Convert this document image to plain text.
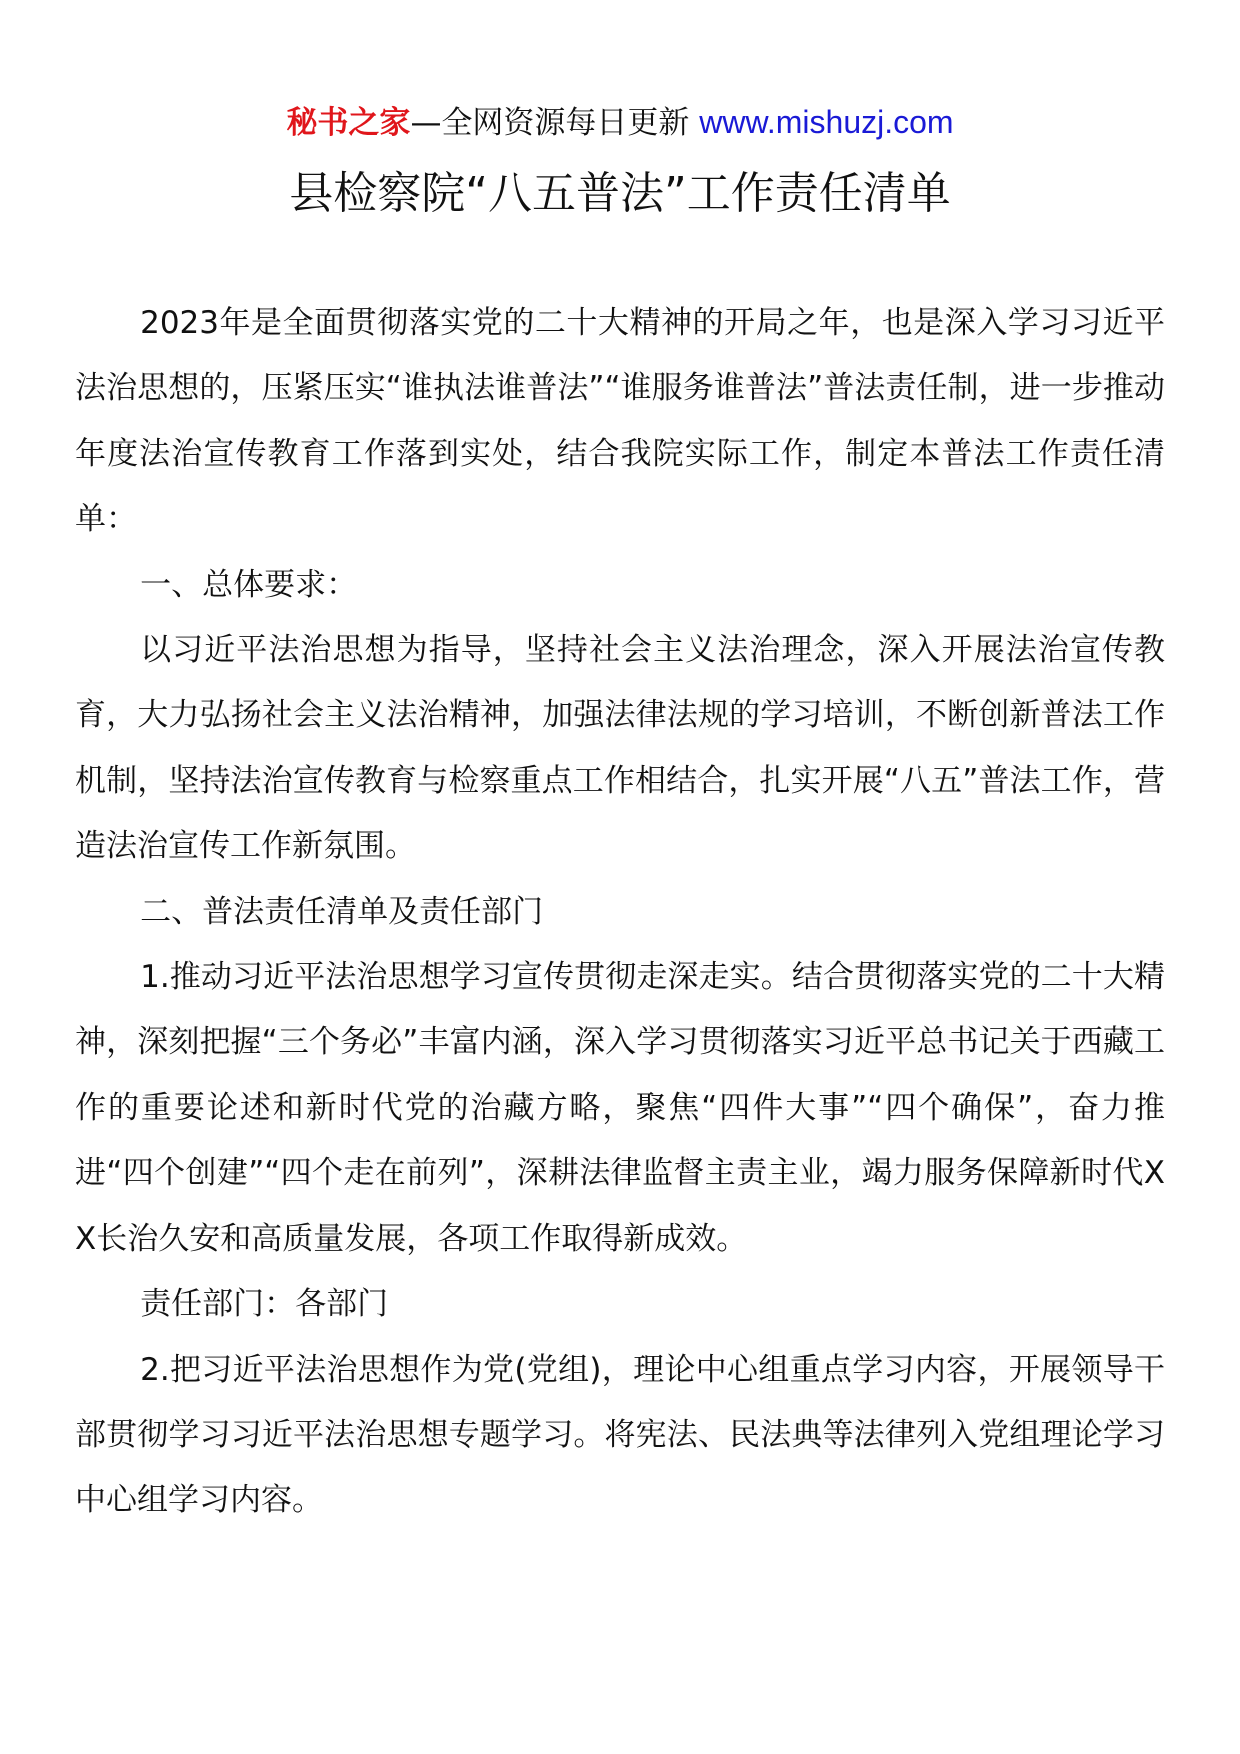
秘书之家—全网资源每日更新 www.mishuzj.com
县检察院“八五普法”工作责任清单

2023年是全面贯彻落实党的二十大精神的开局之年，也是深入学习习近平法治思想的，压紧压实“谁执法谁普法”“谁服务谁普法”普法责任制，进一步推动年度法治宣传教育工作落到实处，结合我院实际工作，制定本普法工作责任清单：

一、总体要求：

以习近平法治思想为指导，坚持社会主义法治理念，深入开展法治宣传教育，大力弘扬社会主义法治精神，加强法律法规的学习培训，不断创新普法工作机制，坚持法治宣传教育与检察重点工作相结合，扎实开展“八五”普法工作，营造法治宣传工作新氛围。

二、普法责任清单及责任部门

1.推动习近平法治思想学习宣传贯彻走深走实。结合贯彻落实党的二十大精神，深刻把握“三个务必”丰富内涵，深入学习贯彻落实习近平总书记关于西藏工作的重要论述和新时代党的治藏方略，聚焦“四件大事”“四个确保”，奋力推进“四个创建”“四个走在前列”，深耕法律监督主责主业，竭力服务保障新时代XX长治久安和高质量发展，各项工作取得新成效。

责任部门：各部门

2.把习近平法治思想作为党(党组)，理论中心组重点学习内容，开展领导干部贯彻学习习近平法治思想专题学习。将宪法、民法典等法律列入党组理论学习中心组学习内容。
